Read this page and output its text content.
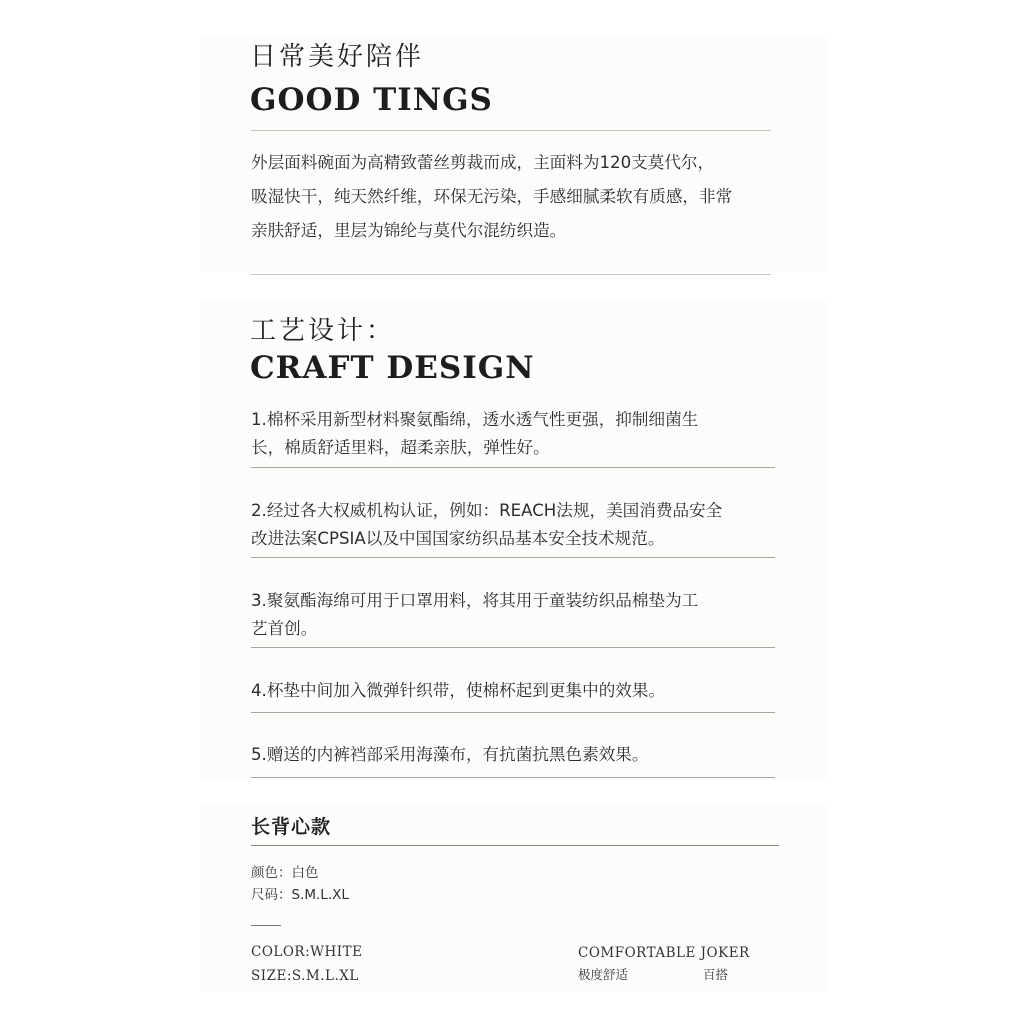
日常美好陪伴
GOOD TINGS
外层面料碗面为高精致蕾丝剪裁而成，主面料为120支莫代尔，
吸湿快干，纯天然纤维，环保无污染，手感细腻柔软有质感，非常
亲肤舒适，里层为锦纶与莫代尔混纺织造。
工艺设计：
CRAFT DESIGN
1.棉杯采用新型材料聚氨酯绵，透水透气性更强，抑制细菌生
长，棉质舒适里料，超柔亲肤，弹性好。
2.经过各大权威机构认证，例如：REACH法规，美国消费品安全
改进法案CPSIA以及中国国家纺织品基本安全技术规范。
3.聚氨酯海绵可用于口罩用料，将其用于童装纺织品棉垫为工
艺首创。
4.杯垫中间加入微弹针织带，使棉杯起到更集中的效果。
5.赠送的内裤裆部采用海藻布，有抗菌抗黑色素效果。
长背心款

颜色：白色

尺码：S.M.L.XL

COLOR:WHITE

SIZE:S.M.L.XL

COMFORTABLE JOKER

极度舒适	百搭
